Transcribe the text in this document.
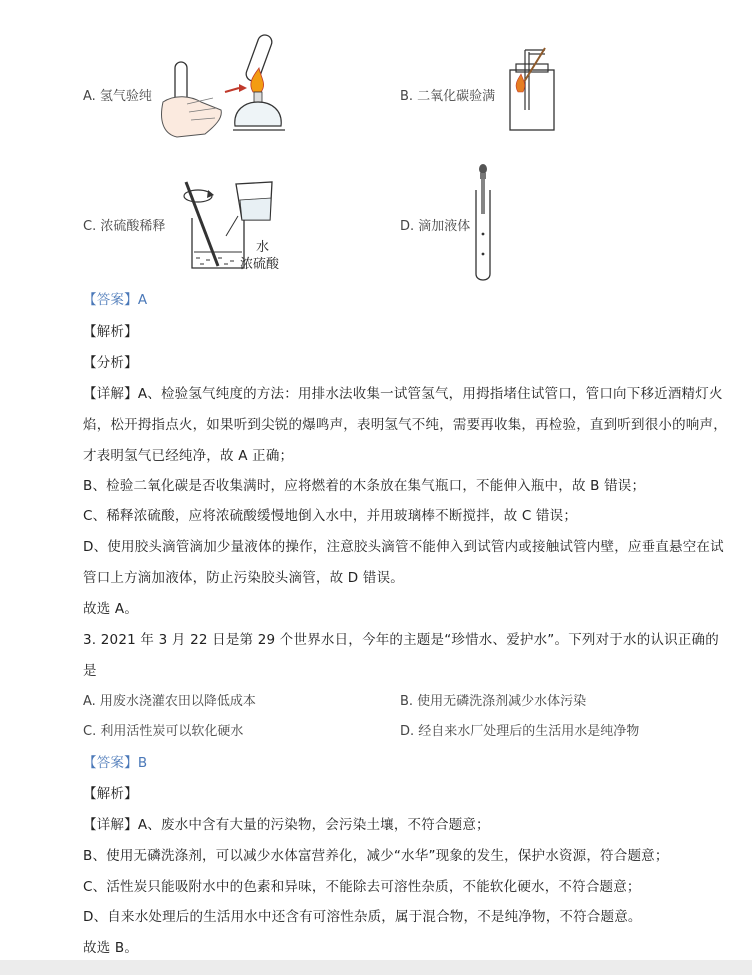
A. 氢气验纯	B. 二氧化碳验满
C. 浓硫酸稀释
水
浓硫酸
D. 滴加液体
【答案】A
【解析】
【分析】
【详解】A、检验氢气纯度的方法：用排水法收集一试管氢气，用拇指堵住试管口，管口向下移近酒精灯火
焰，松开拇指点火，如果听到尖锐的爆鸣声，表明氢气不纯，需要再收集，再检验，直到听到很小的响声，
才表明氢气已经纯净，故 A 正确；
B、检验二氧化碳是否收集满时，应将燃着的木条放在集气瓶口，不能伸入瓶中，故 B 错误；
C、稀释浓硫酸，应将浓硫酸缓慢地倒入水中，并用玻璃棒不断搅拌，故 C 错误；
D、使用胶头滴管滴加少量液体的操作，注意胶头滴管不能伸入到试管内或接触试管内壁，应垂直悬空在试
管口上方滴加液体，防止污染胶头滴管，故 D 错误。
故选 A。
3. 2021 年 3 月 22 日是第 29 个世界水日，今年的主题是“珍惜水、爱护水”。下列对于水的认识正确的
是
A. 用废水浇灌农田以降低成本	B. 使用无磷洗涤剂减少水体污染
C. 利用活性炭可以软化硬水	D. 经自来水厂处理后的生活用水是纯净物
【答案】B
【解析】
【详解】A、废水中含有大量的污染物，会污染土壤，不符合题意；
B、使用无磷洗涤剂，可以减少水体富营养化，减少“水华”现象的发生，保护水资源，符合题意；
C、活性炭只能吸附水中的色素和异味，不能除去可溶性杂质，不能软化硬水，不符合题意；
D、自来水处理后的生活用水中还含有可溶性杂质，属于混合物，不是纯净物，不符合题意。
故选 B。
